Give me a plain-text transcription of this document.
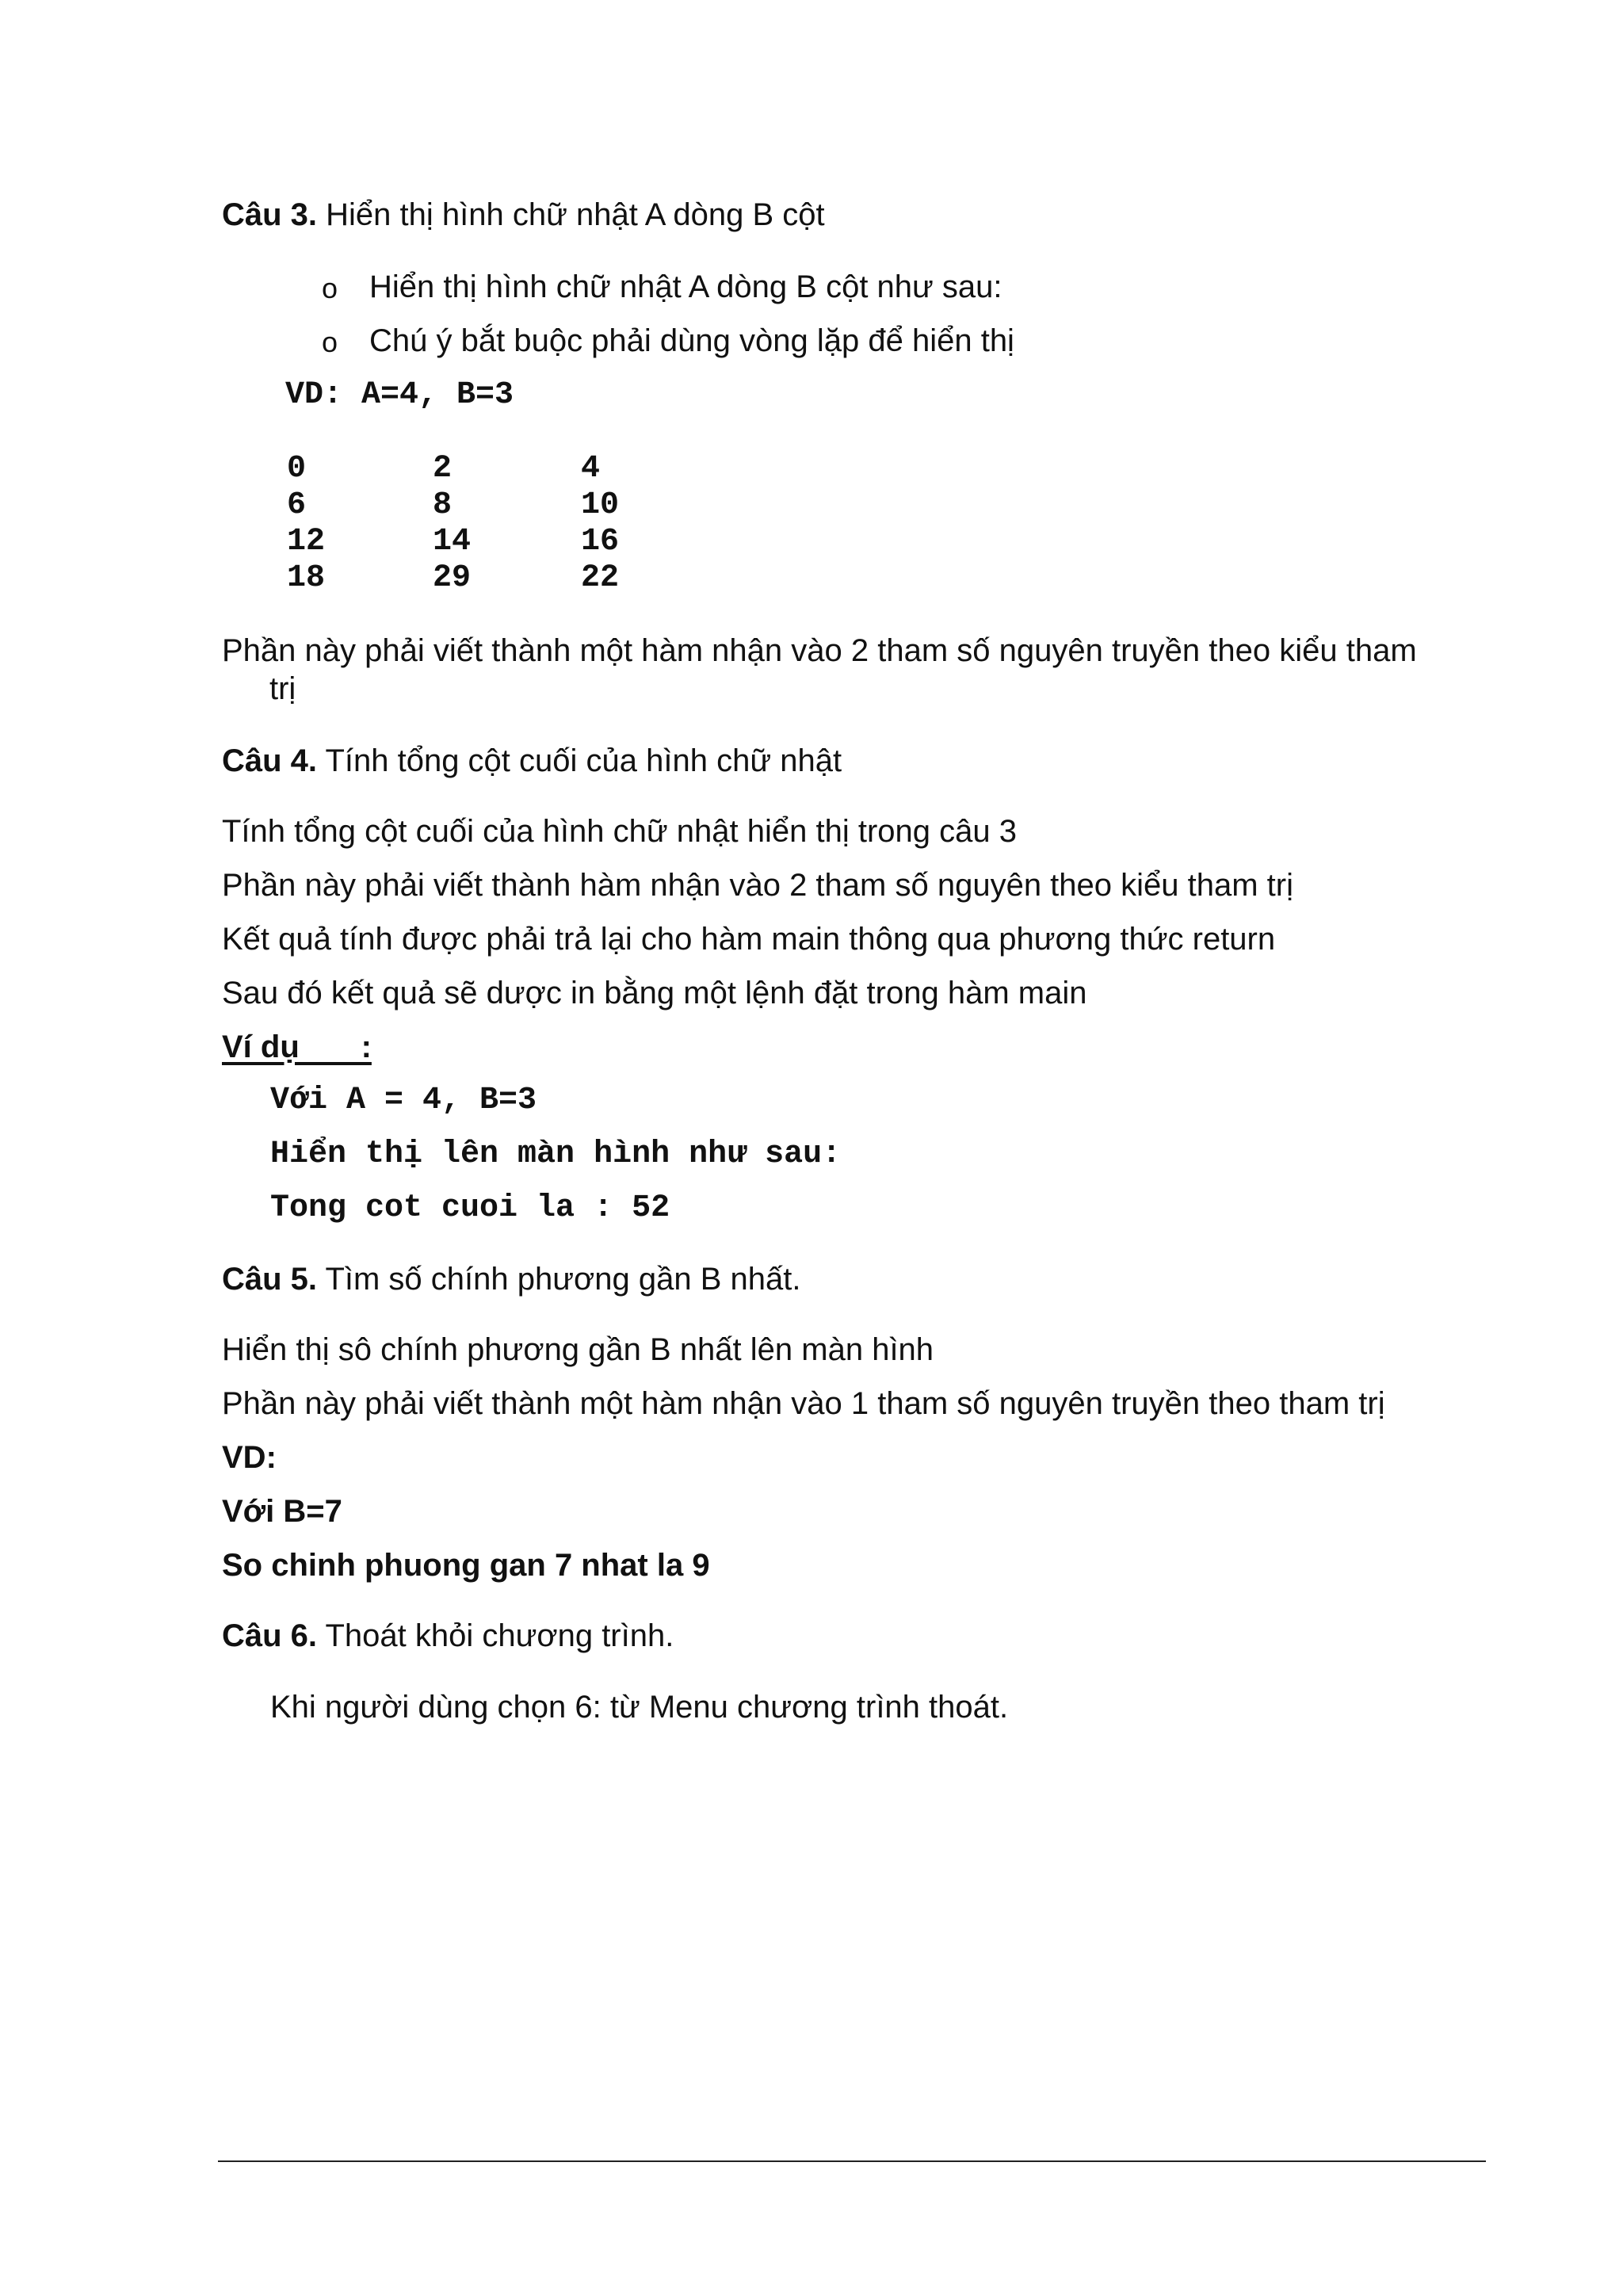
Câu 3. Hiển thị hình chữ nhật A dòng B cột
o Hiển thị hình chữ nhật A dòng B cột như sau:
o Chú ý bắt buộc phải dùng vòng lặp để hiển thị
VD: A=4, B=3
0	2	4
6	8	10
12	14	16
18	29	22
Phần này phải viết thành một hàm nhận vào 2 tham số nguyên truyền theo kiểu tham
trị
Câu 4. Tính tổng cột cuối của hình chữ nhật
Tính tổng cột cuối của hình chữ nhật hiển thị trong câu 3
Phần này phải viết thành hàm nhận vào 2 tham số nguyên theo kiểu tham trị
Kết quả tính được phải trả lại cho hàm main thông qua phương thức return
Sau đó kết quả sẽ dược in bằng một lệnh đặt trong hàm main
Ví dụ       :
Với A = 4, B=3
Hiển thị lên màn hình như sau:
Tong cot cuoi la : 52
Câu 5. Tìm số chính phương gần B nhất.
Hiển thị sô chính phương gần B nhất lên màn hình
Phần này phải viết thành một hàm nhận vào 1 tham số nguyên truyền theo tham trị
VD:
Với B=7
So chinh phuong gan 7 nhat la 9
Câu 6. Thoát khỏi chương trình.
Khi người dùng chọn 6: từ Menu chương trình thoát.
